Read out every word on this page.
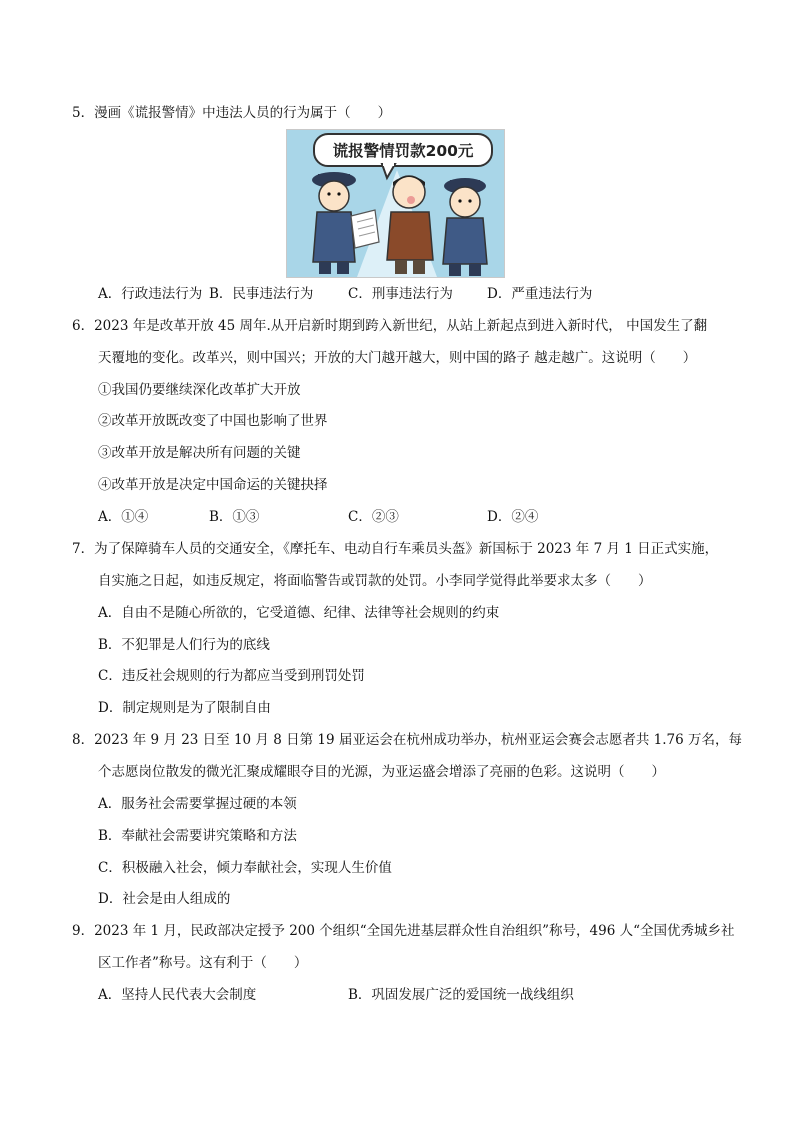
5．漫画《谎报警情》中违法人员的行为属于（　　）
谎报警情罚款200元
A．行政违法行为 B．民事违法行为	C．刑事违法行为	D．严重违法行为
6．2023 年是改革开放 45 周年.从开启新时期到跨入新世纪，从站上新起点到进入新时代， 中国发生了翻
天覆地的变化。改革兴，则中国兴；开放的大门越开越大，则中国的路子 越走越广。这说明（　　）
①我国仍要继续深化改革扩大开放
②改革开放既改变了中国也影响了世界
③改革开放是解决所有问题的关键
④改革开放是决定中国命运的关键抉择
A．①④	B．①③	C．②③	D．②④
7．为了保障骑车人员的交通安全，《摩托车、电动自行车乘员头盔》新国标于 2023 年 7 月 1 日正式实施，
自实施之日起，如违反规定，将面临警告或罚款的处罚。小李同学觉得此举要求太多（　　）
A．自由不是随心所欲的，它受道德、纪律、法律等社会规则的约束
B．不犯罪是人们行为的底线
C．违反社会规则的行为都应当受到刑罚处罚
D．制定规则是为了限制自由
8．2023 年 9 月 23 日至 10 月 8 日第 19 届亚运会在杭州成功举办，杭州亚运会赛会志愿者共 1.76 万名，每
个志愿岗位散发的微光汇聚成耀眼夺目的光源，为亚运盛会增添了亮丽的色彩。这说明（　　）
A．服务社会需要掌握过硬的本领
B．奉献社会需要讲究策略和方法
C．积极融入社会，倾力奉献社会，实现人生价值
D．社会是由人组成的
9．2023 年 1 月，民政部决定授予 200 个组织“全国先进基层群众性自治组织”称号，496 人“全国优秀城乡社
区工作者”称号。这有利于（　　）
A．坚持人民代表大会制度	B．巩固发展广泛的爱国统一战线组织
